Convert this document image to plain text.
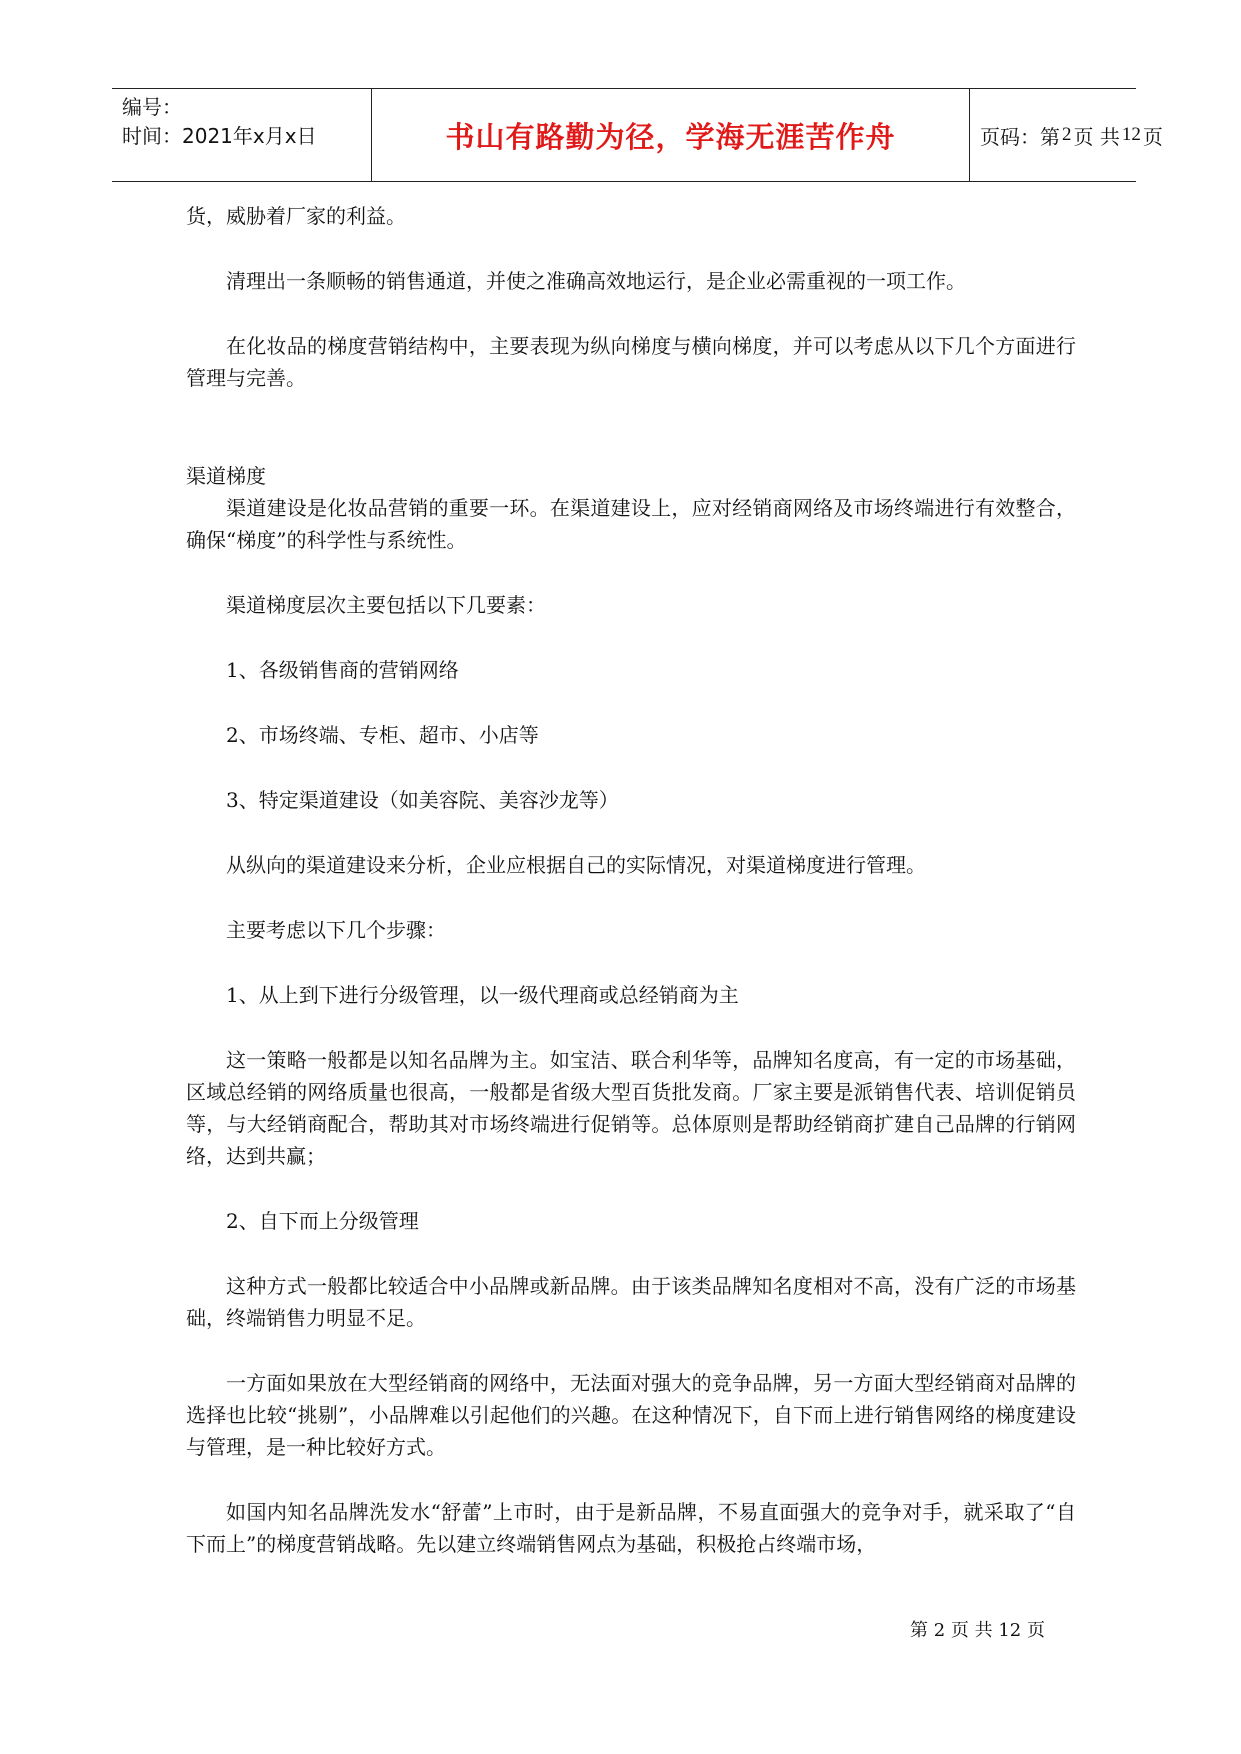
编号：
时间：2021年x月x日	书山有路勤为径，学海无涯苦作舟	页码：第 2 页 共 12 页

货，威胁着厂家的利益。

清理出一条顺畅的销售通道，并使之准确高效地运行，是企业必需重视的一项工作。

在化妆品的梯度营销结构中，主要表现为纵向梯度与横向梯度，并可以考虑从以下几个方面进行管理与完善。

渠道梯度

渠道建设是化妆品营销的重要一环。在渠道建设上，应对经销商网络及市场终端进行有效整合，确保“梯度”的科学性与系统性。

渠道梯度层次主要包括以下几要素：

1、各级销售商的营销网络

2、市场终端、专柜、超市、小店等

3、特定渠道建设（如美容院、美容沙龙等）

从纵向的渠道建设来分析，企业应根据自己的实际情况，对渠道梯度进行管理。

主要考虑以下几个步骤：

1、从上到下进行分级管理，以一级代理商或总经销商为主

这一策略一般都是以知名品牌为主。如宝洁、联合利华等，品牌知名度高，有一定的市场基础，区域总经销的网络质量也很高，一般都是省级大型百货批发商。厂家主要是派销售代表、培训促销员等，与大经销商配合，帮助其对市场终端进行促销等。总体原则是帮助经销商扩建自己品牌的行销网络，达到共赢；

2、自下而上分级管理

这种方式一般都比较适合中小品牌或新品牌。由于该类品牌知名度相对不高，没有广泛的市场基础，终端销售力明显不足。

一方面如果放在大型经销商的网络中，无法面对强大的竞争品牌，另一方面大型经销商对品牌的选择也比较“挑剔”，小品牌难以引起他们的兴趣。在这种情况下，自下而上进行销售网络的梯度建设与管理，是一种比较好方式。

如国内知名品牌洗发水“舒蕾”上市时，由于是新品牌，不易直面强大的竞争对手，就采取了“自下而上”的梯度营销战略。先以建立终端销售网点为基础，积极抢占终端市场，

第 2 页 共 12 页
